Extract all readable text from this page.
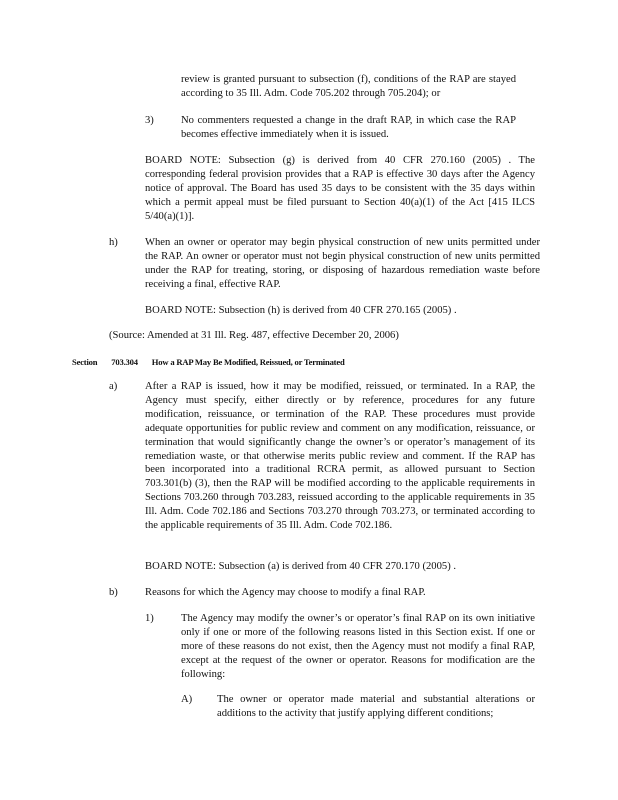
review is granted pursuant to subsection (f), conditions of the RAP are stayed according to 35 Ill. Adm. Code 705.202 through 705.204); or
3)	No commenters requested a change in the draft RAP, in which case the RAP becomes effective immediately when it is issued.
BOARD NOTE: Subsection (g) is derived from 40 CFR 270.160 (2005) . The corresponding federal provision provides that a RAP is effective 30 days after the Agency notice of approval. The Board has used 35 days to be consistent with the 35 days within which a permit appeal must be filed pursuant to Section 40(a)(1) of the Act [415 ILCS 5/40(a)(1)].
h)	When an owner or operator may begin physical construction of new units permitted under the RAP. An owner or operator must not begin physical construction of new units permitted under the RAP for treating, storing, or disposing of hazardous remediation waste before receiving a final, effective RAP.
BOARD NOTE: Subsection (h) is derived from 40 CFR 270.165 (2005) .
(Source: Amended at 31 Ill. Reg. 487, effective December 20, 2006)
Section 703.304 How a RAP May Be Modified, Reissued, or Terminated
a)	After a RAP is issued, how it may be modified, reissued, or terminated. In a RAP, the Agency must specify, either directly or by reference, procedures for any future modification, reissuance, or termination of the RAP. These procedures must provide adequate opportunities for public review and comment on any modification, reissuance, or termination that would significantly change the owner’s or operator’s management of its remediation waste, or that otherwise merits public review and comment. If the RAP has been incorporated into a traditional RCRA permit, as allowed pursuant to Section 703.301(b) (3), then the RAP will be modified according to the applicable requirements in Sections 703.260 through 703.283, reissued according to the applicable requirements in 35 Ill. Adm. Code 702.186 and Sections 703.270 through 703.273, or terminated according to the applicable requirements of 35 Ill. Adm. Code 702.186.
BOARD NOTE: Subsection (a) is derived from 40 CFR 270.170 (2005) .
b)	Reasons for which the Agency may choose to modify a final RAP.
1)	The Agency may modify the owner’s or operator’s final RAP on its own initiative only if one or more of the following reasons listed in this Section exist. If one or more of these reasons do not exist, then the Agency must not modify a final RAP, except at the request of the owner or operator. Reasons for modification are the following:
A) The owner or operator made material and substantial alterations or additions to the activity that justify applying different conditions;
